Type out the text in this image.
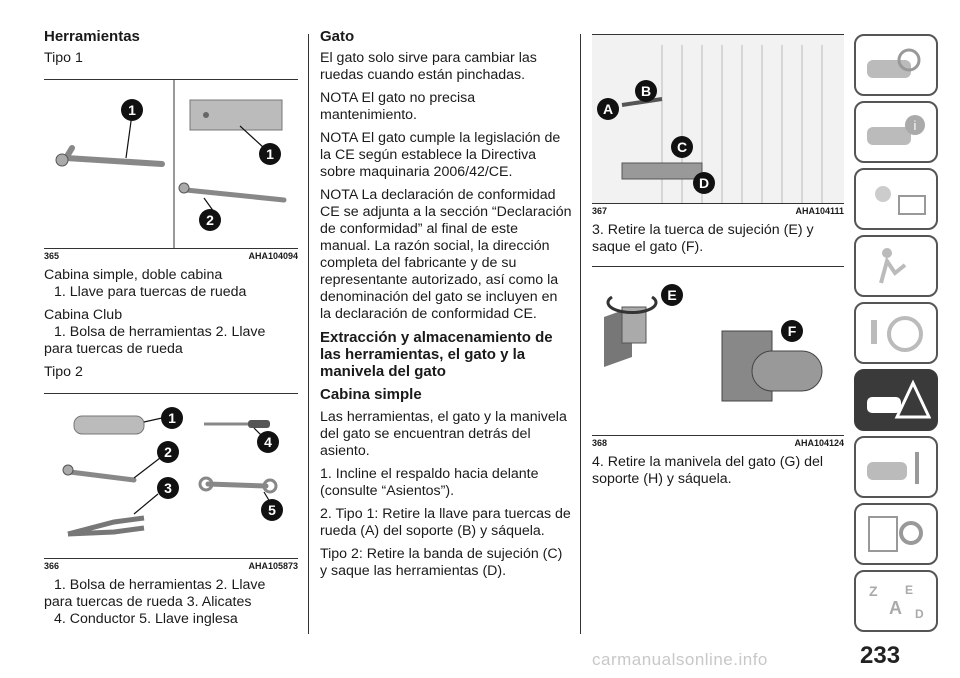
Herramientas
Tipo 1
1
1
2
365	AHA104094
Cabina simple, doble cabina
1. Llave para tuercas de rueda
Cabina Club
1. Bolsa de herramientas 2. Llave
para tuercas de rueda
Tipo 2
1
2
3
4
5
366	AHA105873
1. Bolsa de herramientas 2. Llave
para tuercas de rueda 3. Alicates
4. Conductor 5. Llave inglesa
Gato

El gato solo sirve para cambiar las ruedas cuando están pinchadas.

NOTA El gato no precisa mantenimiento.

NOTA El gato cumple la legislación de la CE según establece la Directiva sobre maquinaria 2006/42/CE.

NOTA La declaración de conformidad CE se adjunta a la sección “Declaración de conformidad” al final de este manual. La razón social, la dirección completa del fabricante y de su representante autorizado, así como la denominación del gato se incluyen en la declaración de conformidad CE.

Extracción y almacenamiento de las herramientas, el gato y la manivela del gato
Cabina simple

Las herramientas, el gato y la manivela del gato se encuentran detrás del asiento.

1. Incline el respaldo hacia delante (consulte “Asientos”).

2. Tipo 1: Retire la llave para tuercas de rueda (A) del soporte (B) y sáquela.

Tipo 2: Retire la banda de sujeción (C) y saque las herramientas (D).

A
B
C
D
367	AHA104111

3. Retire la tuerca de sujeción (E) y saque el gato (F).

E
F
368	AHA104124

4. Retire la manivela del gato (G) del soporte (H) y sáquela.

i
Z E
A D
233
carmanualsonline.info
